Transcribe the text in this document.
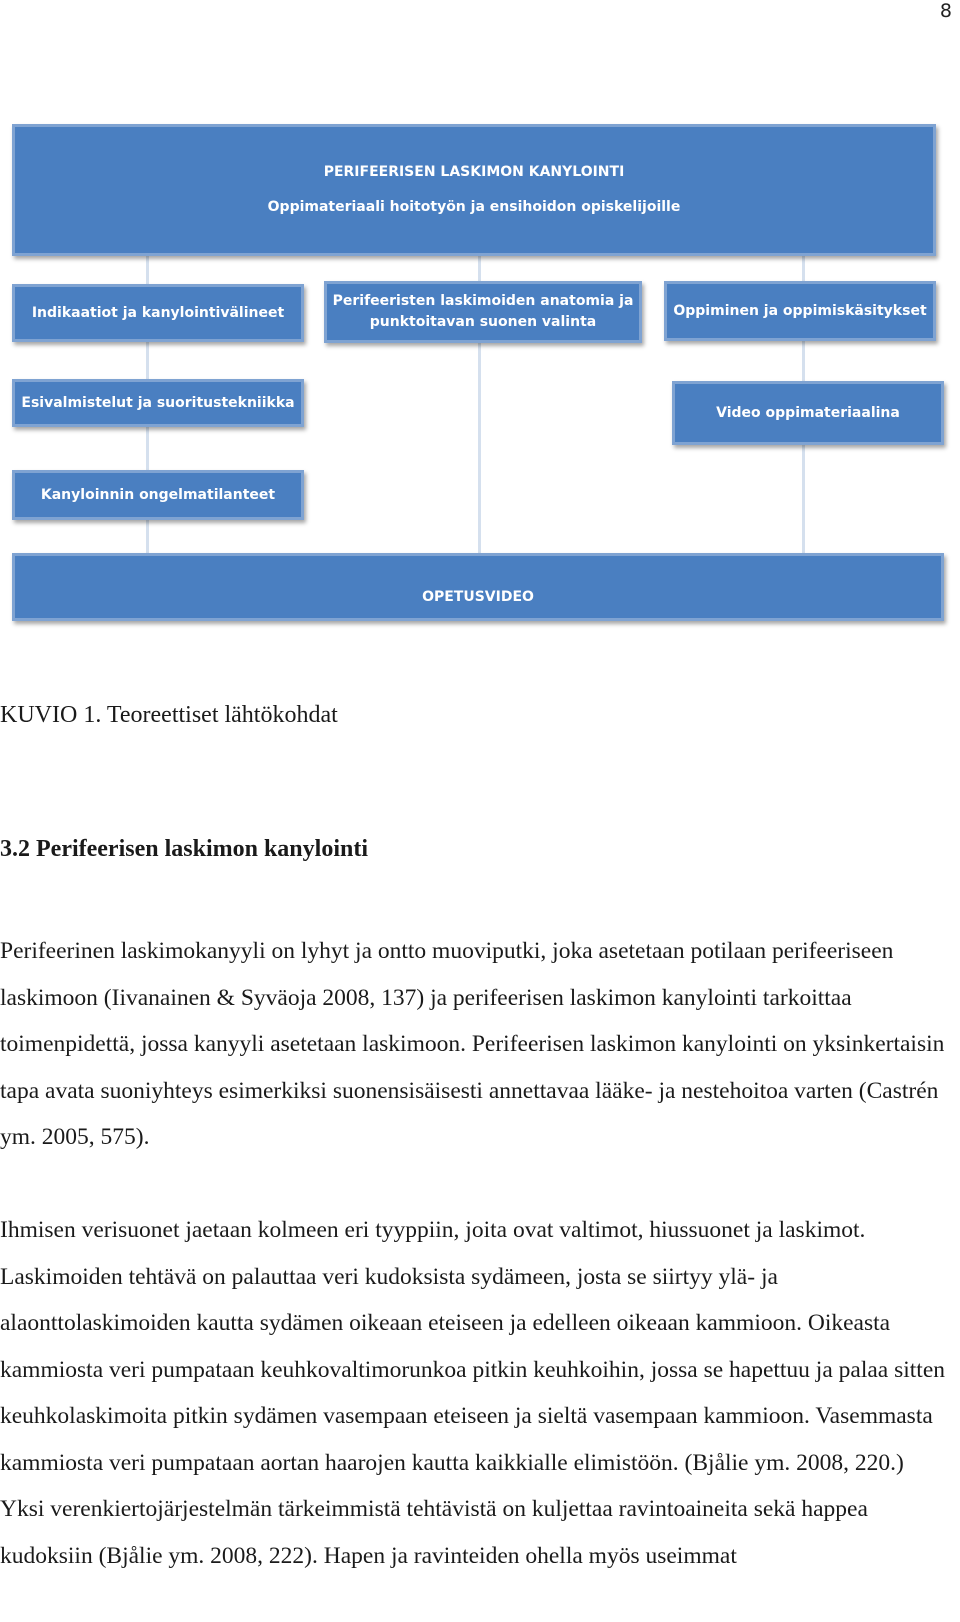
8
PERIFEERISEN LASKIMON KANYLOINTI
Oppimateriaali hoitotyön ja ensihoidon opiskelijoille
Indikaatiot ja kanylointivälineet
Perifeeristen laskimoiden anatomia ja
punktoitavan suonen valinta
Oppiminen ja oppimiskäsitykset
Esivalmistelut ja suoritustekniikka
Video oppimateriaalina
Kanyloinnin ongelmatilanteet
OPETUSVIDEO
KUVIO 1. Teoreettiset lähtökohdat
3.2 Perifeerisen laskimon kanylointi

Perifeerinen laskimokanyyli on lyhyt ja ontto muoviputki, joka asetetaan potilaan perifeeriseen laskimoon (Iivanainen & Syväoja 2008, 137) ja perifeerisen laskimon kanylointi tarkoittaa toimenpidettä, jossa kanyyli asetetaan laskimoon. Perifeerisen laskimon kanylointi on yksinkertaisin tapa avata suoniyhteys esimerkiksi suonensisäisesti annettavaa lääke- ja nestehoitoa varten (Castrén ym. 2005, 575).

Ihmisen verisuonet jaetaan kolmeen eri tyyppiin, joita ovat valtimot, hiussuonet ja laskimot. Laskimoiden tehtävä on palauttaa veri kudoksista sydämeen, josta se siirtyy ylä- ja alaonttolaskimoiden kautta sydämen oikeaan eteiseen ja edelleen oikeaan kammioon. Oikeasta kammiosta veri pumpataan keuhkovaltimorunkoa pitkin keuhkoihin, jossa se hapettuu ja palaa sitten keuhkolaskimoita pitkin sydämen vasempaan eteiseen ja sieltä vasempaan kammioon. Vasemmasta kammiosta veri pumpataan aortan haarojen kautta kaikkialle elimistöön. (Bjålie ym. 2008, 220.) Yksi verenkiertojärjestelmän tärkeimmistä tehtävistä on kuljettaa ravintoaineita sekä happea kudoksiin (Bjålie ym. 2008, 222). Hapen ja ravinteiden ohella myös useimmat
